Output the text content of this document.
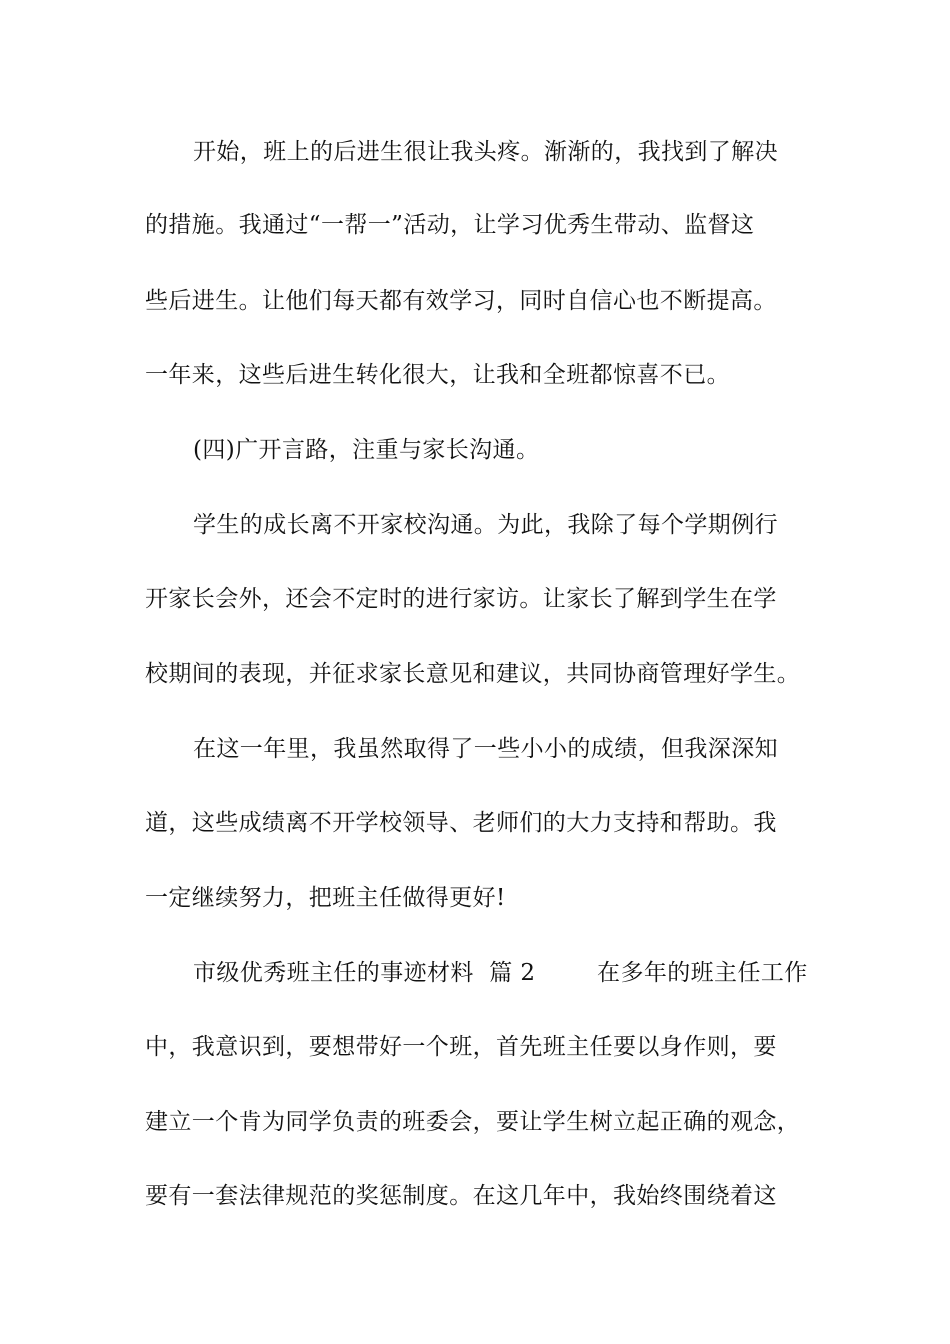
开始，班上的后进生很让我头疼。渐渐的，我找到了解决
的措施。我通过“一帮一”活动，让学习优秀生带动、监督这
些后进生。让他们每天都有效学习，同时自信心也不断提高。
一年来，这些后进生转化很大，让我和全班都惊喜不已。
(四)广开言路，注重与家长沟通。
学生的成长离不开家校沟通。为此，我除了每个学期例行
开家长会外，还会不定时的进行家访。让家长了解到学生在学
校期间的表现，并征求家长意见和建议，共同协商管理好学生。
在这一年里，我虽然取得了一些小小的成绩，但我深深知
道，这些成绩离不开学校领导、老师们的大力支持和帮助。我
一定继续努力，把班主任做得更好!
市级优秀班主任的事迹材料  篇 2        在多年的班主任工作
中，我意识到，要想带好一个班，首先班主任要以身作则，要
建立一个肯为同学负责的班委会，要让学生树立起正确的观念，
要有一套法律规范的奖惩制度。在这几年中，我始终围绕着这
